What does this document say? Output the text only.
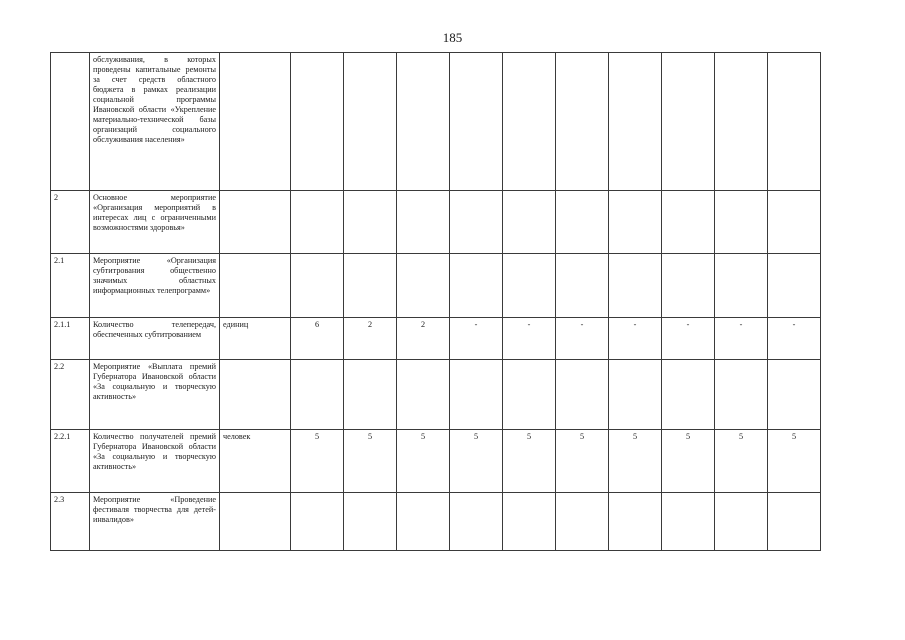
185
	обслуживания, в которых проведены капитальные ремонты за счет средств областного бюджета в рамках реализации социальной программы Ивановской области «Укрепление материально-технической базы организаций социального обслуживания населения»											
2	Основное мероприятие «Организация мероприятий в интересах лиц с ограниченными возможностями здоровья»											
2.1	Мероприятие «Организация субтитрования общественно значимых областных информационных телепрограмм»											
2.1.1	Количество телепередач, обеспеченных субтитрованием	единиц	6	2	2	-	-	-	-	-	-	-
2.2	Мероприятие «Выплата премий Губернатора Ивановской области «За социальную и творческую активность»											
2.2.1	Количество получателей премий Губернатора Ивановской области «За социальную и творческую активность»	человек	5	5	5	5	5	5	5	5	5	5
2.3	Мероприятие «Проведение фестиваля творчества для детей-инвалидов»											
